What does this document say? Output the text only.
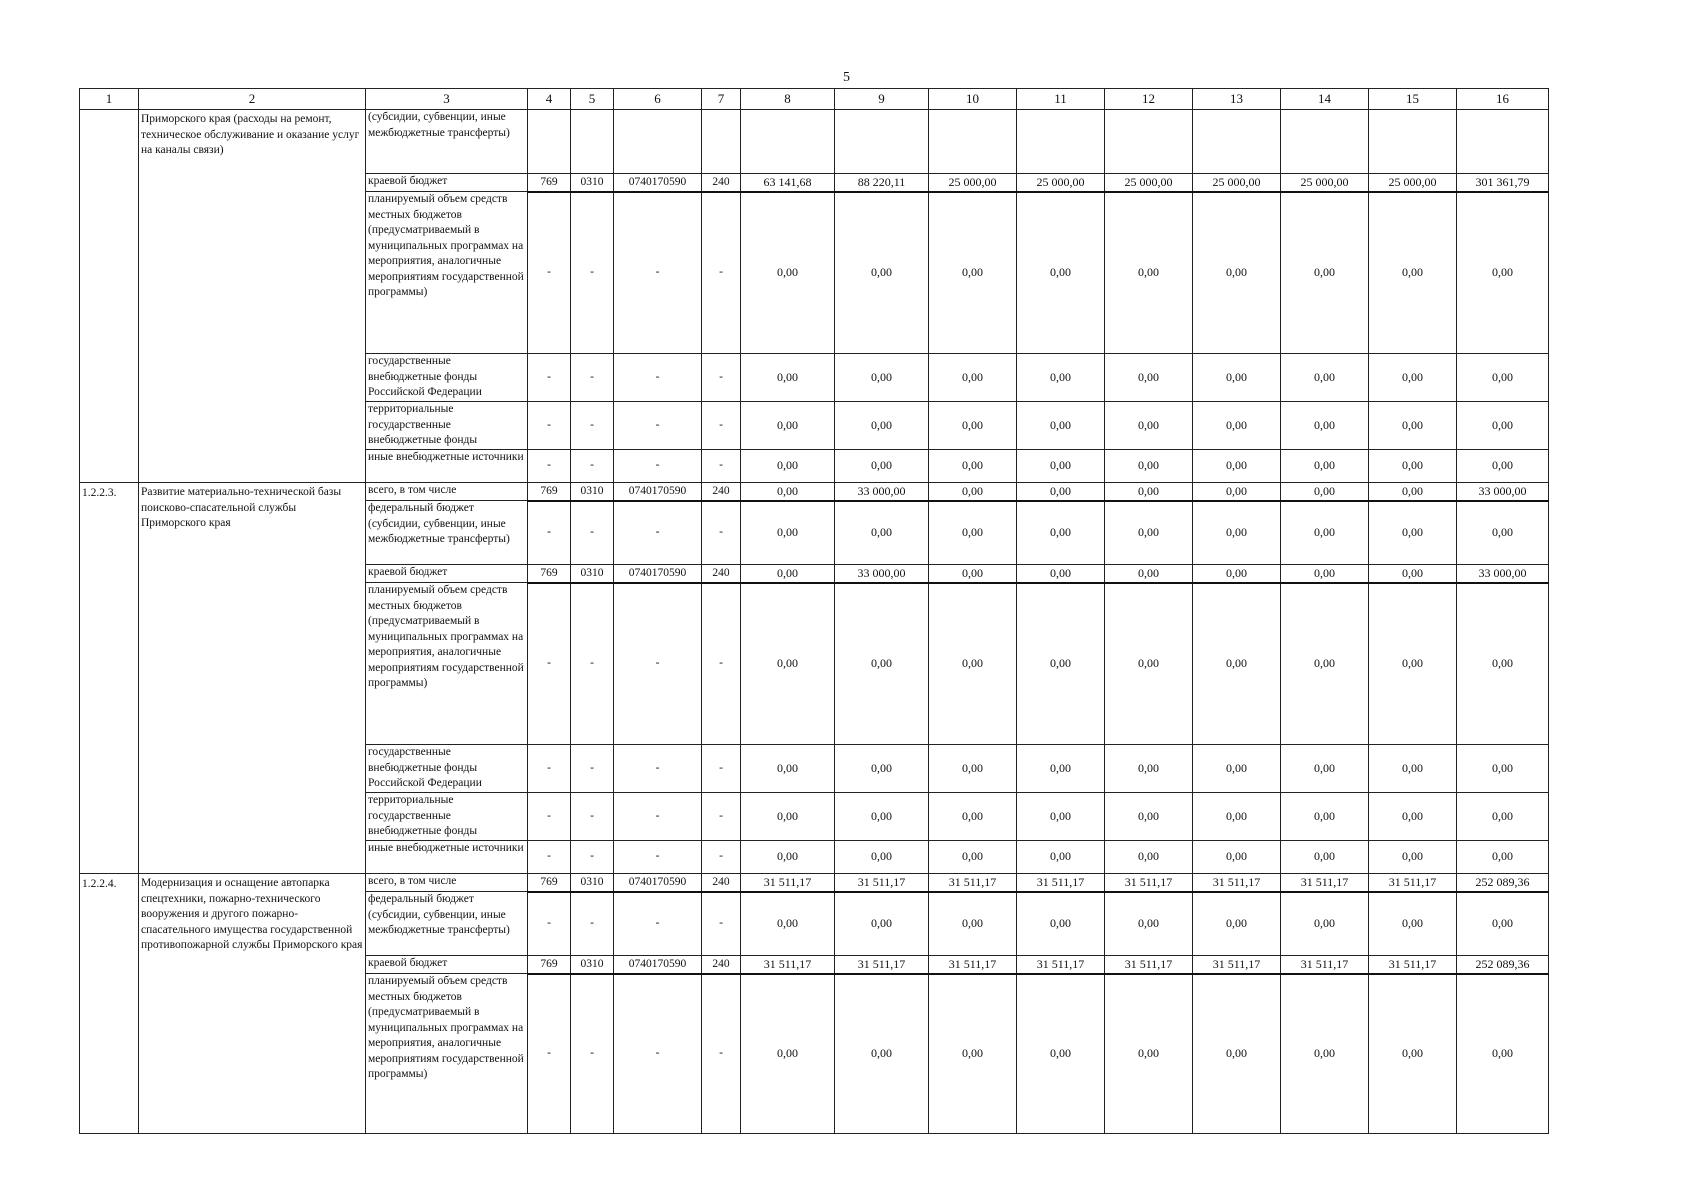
5
1	2	3	4	5	6	7	8	9	10	11	12	13	14	15	16
	Приморского края (расходы на ремонт, техническое обслуживание и оказание услуг на каналы связи)	(субсидии, субвенции, иные межбюджетные трансферты)													
		краевой бюджет	769	0310	0740170590	240	63 141,68	88 220,11	25 000,00	25 000,00	25 000,00	25 000,00	25 000,00	25 000,00	301 361,79
		планируемый объем средств местных бюджетов (предусматриваемый в муниципальных программах на мероприятия, аналогичные мероприятиям государственной программы)	-	-	-	-	0,00	0,00	0,00	0,00	0,00	0,00	0,00	0,00	0,00
		государственные внебюджетные фонды Российской Федерации	-	-	-	-	0,00	0,00	0,00	0,00	0,00	0,00	0,00	0,00	0,00
		территориальные государственные внебюджетные фонды	-	-	-	-	0,00	0,00	0,00	0,00	0,00	0,00	0,00	0,00	0,00
		иные внебюджетные источники	-	-	-	-	0,00	0,00	0,00	0,00	0,00	0,00	0,00	0,00	0,00
1.2.2.3.	Развитие материально-технической базы поисково-спасательной службы Приморского края	всего, в том числе	769	0310	0740170590	240	0,00	33 000,00	0,00	0,00	0,00	0,00	0,00	0,00	33 000,00
		федеральный бюджет (субсидии, субвенции, иные межбюджетные трансферты)	-	-	-	-	0,00	0,00	0,00	0,00	0,00	0,00	0,00	0,00	0,00
		краевой бюджет	769	0310	0740170590	240	0,00	33 000,00	0,00	0,00	0,00	0,00	0,00	0,00	33 000,00
		планируемый объем средств местных бюджетов (предусматриваемый в муниципальных программах на мероприятия, аналогичные мероприятиям государственной программы)	-	-	-	-	0,00	0,00	0,00	0,00	0,00	0,00	0,00	0,00	0,00
		государственные внебюджетные фонды Российской Федерации	-	-	-	-	0,00	0,00	0,00	0,00	0,00	0,00	0,00	0,00	0,00
		территориальные государственные внебюджетные фонды	-	-	-	-	0,00	0,00	0,00	0,00	0,00	0,00	0,00	0,00	0,00
		иные внебюджетные источники	-	-	-	-	0,00	0,00	0,00	0,00	0,00	0,00	0,00	0,00	0,00
1.2.2.4.	Модернизация и оснащение автопарка спецтехники, пожарно-технического вооружения и другого пожарно-спасательного имущества государственной противопожарной службы Приморского края	всего, в том числе	769	0310	0740170590	240	31 511,17	31 511,17	31 511,17	31 511,17	31 511,17	31 511,17	31 511,17	31 511,17	252 089,36
		федеральный бюджет (субсидии, субвенции, иные межбюджетные трансферты)	-	-	-	-	0,00	0,00	0,00	0,00	0,00	0,00	0,00	0,00	0,00
		краевой бюджет	769	0310	0740170590	240	31 511,17	31 511,17	31 511,17	31 511,17	31 511,17	31 511,17	31 511,17	31 511,17	252 089,36
		планируемый объем средств местных бюджетов (предусматриваемый в муниципальных программах на мероприятия, аналогичные мероприятиям государственной программы)	-	-	-	-	0,00	0,00	0,00	0,00	0,00	0,00	0,00	0,00	0,00
